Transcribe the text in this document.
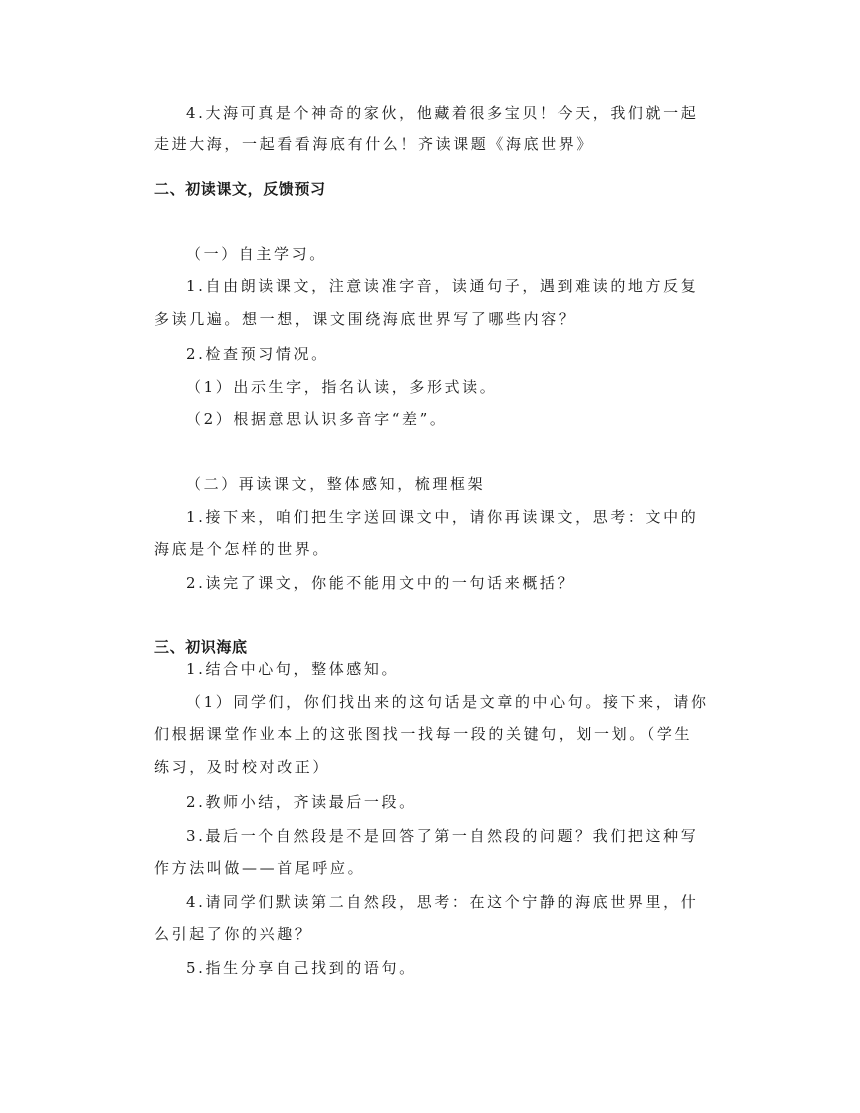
4.大海可真是个神奇的家伙，他藏着很多宝贝！今天，我们就一起
走进大海，一起看看海底有什么！齐读课题《海底世界》
二、初读课文，反馈预习
（一）自主学习。
1.自由朗读课文，注意读准字音，读通句子，遇到难读的地方反复
多读几遍。想一想，课文围绕海底世界写了哪些内容？
2.检查预习情况。
（1）出示生字，指名认读，多形式读。
（2）根据意思认识多音字“差”。
（二）再读课文，整体感知，梳理框架
1.接下来，咱们把生字送回课文中，请你再读课文，思考：文中的
海底是个怎样的世界。
2.读完了课文，你能不能用文中的一句话来概括？
三、初识海底
1.结合中心句，整体感知。
（1）同学们，你们找出来的这句话是文章的中心句。接下来，请你
们根据课堂作业本上的这张图找一找每一段的关键句，划一划。（学生
练习，及时校对改正）
2.教师小结，齐读最后一段。
3.最后一个自然段是不是回答了第一自然段的问题？我们把这种写
作方法叫做——首尾呼应。
4.请同学们默读第二自然段，思考：在这个宁静的海底世界里，什
么引起了你的兴趣？
5.指生分享自己找到的语句。
